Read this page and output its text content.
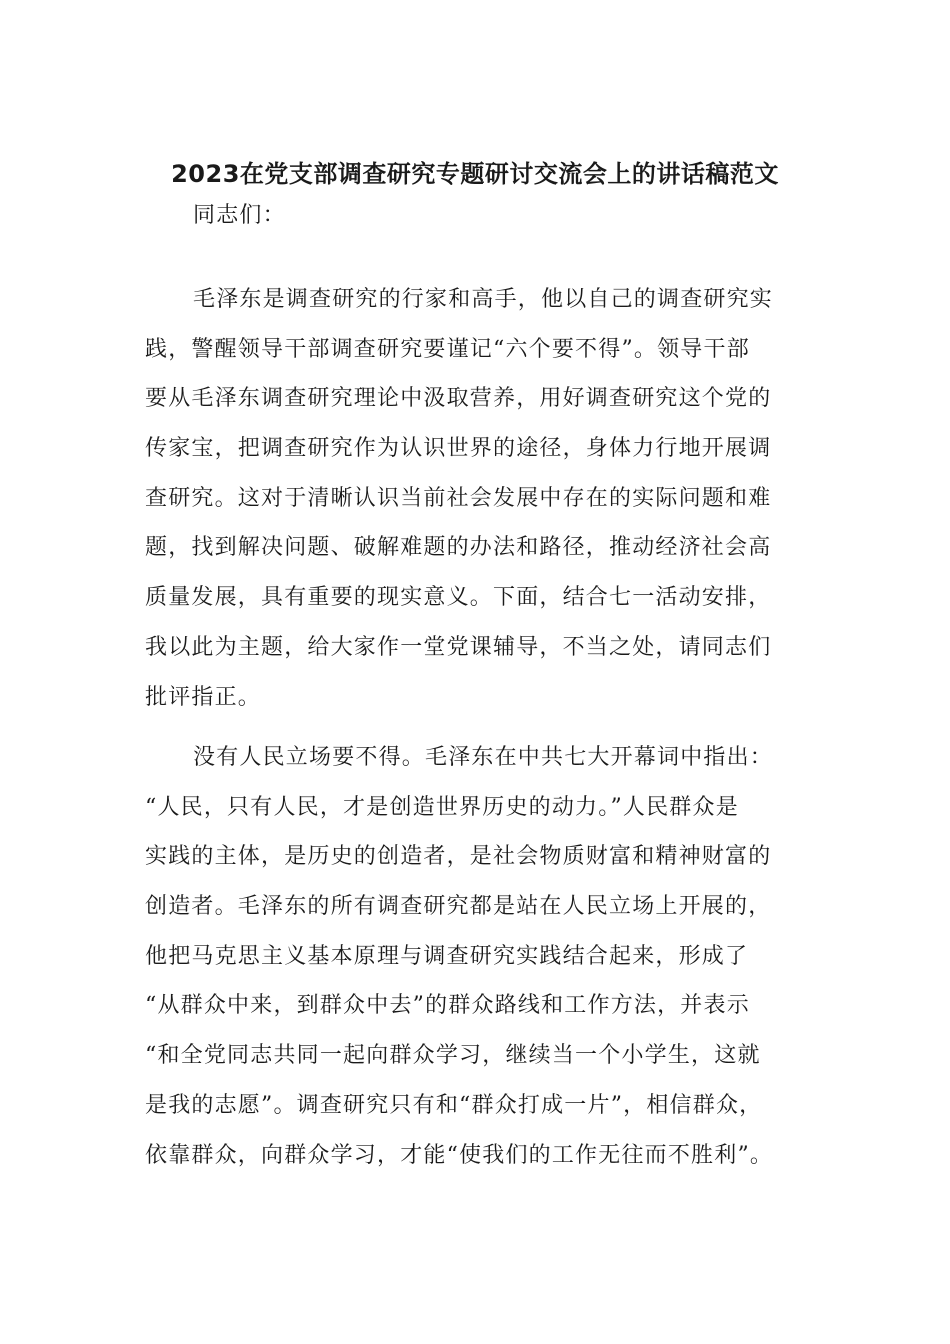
2023在党支部调查研究专题研讨交流会上的讲话稿范文
同志们：
毛泽东是调查研究的行家和高手，他以自己的调查研究实
践，警醒领导干部调查研究要谨记“六个要不得”。领导干部
要从毛泽东调查研究理论中汲取营养，用好调查研究这个党的
传家宝，把调查研究作为认识世界的途径，身体力行地开展调
查研究。这对于清晰认识当前社会发展中存在的实际问题和难
题，找到解决问题、破解难题的办法和路径，推动经济社会高
质量发展，具有重要的现实意义。下面，结合七一活动安排，
我以此为主题，给大家作一堂党课辅导，不当之处，请同志们
批评指正。
没有人民立场要不得。毛泽东在中共七大开幕词中指出：
“人民，只有人民，才是创造世界历史的动力。”人民群众是
实践的主体，是历史的创造者，是社会物质财富和精神财富的
创造者。毛泽东的所有调查研究都是站在人民立场上开展的，
他把马克思主义基本原理与调查研究实践结合起来，形成了
“从群众中来，到群众中去”的群众路线和工作方法，并表示
“和全党同志共同一起向群众学习，继续当一个小学生，这就
是我的志愿”。调查研究只有和“群众打成一片”，相信群众，
依靠群众，向群众学习，才能“使我们的工作无往而不胜利”。
